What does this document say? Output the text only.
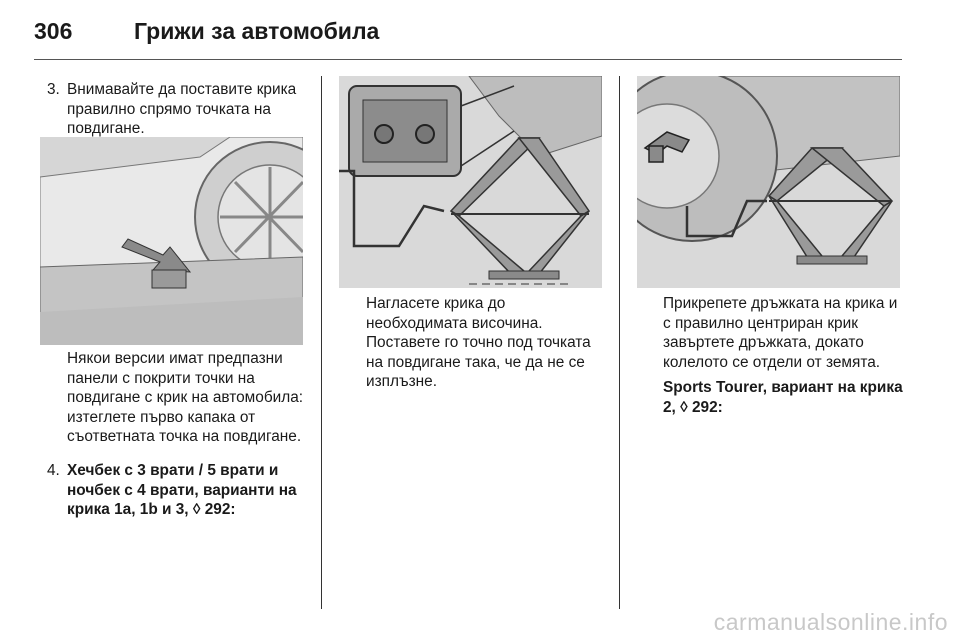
306	Грижи за автомобила
3. Внимавайте да поставите крика правилно спрямо точката на повдигане.
Някои версии имат предпазни панели с покрити точки на повдигане с крик на автомобила: изтеглете първо капака от съответната точка на повдигане.
4. Хечбек с 3 врати / 5 врати и ночбек с 4 врати, варианти на крика 1a, 1b и 3, ◊ 292:
Нагласете крика до необходимата височина. Поставете го точно под точката на повдигане така, че да не се изплъзне.
Прикрепете дръжката на крика и с правилно центриран крик завъртете дръжката, докато колелото се отдели от земята.
Sports Tourer, вариант на крика 2, ◊ 292:
carmanualsonline.info
